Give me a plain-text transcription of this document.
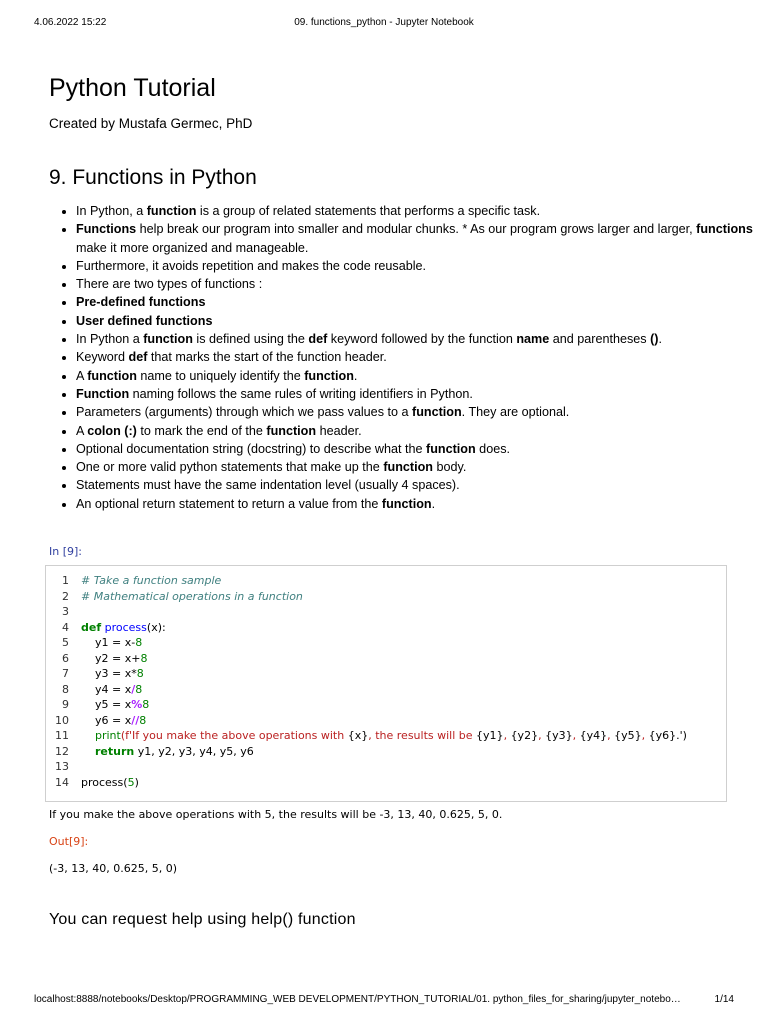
4.06.2022 15:22	09. functions_python - Jupyter Notebook
Python Tutorial
Created by Mustafa Germec, PhD
9. Functions in Python
• In Python, a function is a group of related statements that performs a specific task.
• Functions help break our program into smaller and modular chunks. * As our program grows larger and larger, functions make it more organized and manageable.
• Furthermore, it avoids repetition and makes the code reusable.
• There are two types of functions :
• Pre-defined functions
• User defined functions
• In Python a function is defined using the def keyword followed by the function name and parentheses ().
• Keyword def that marks the start of the function header.
• A function name to uniquely identify the function.
• Function naming follows the same rules of writing identifiers in Python.
• Parameters (arguments) through which we pass values to a function. They are optional.
• A colon (:) to mark the end of the function header.
• Optional documentation string (docstring) to describe what the function does.
• One or more valid python statements that make up the function body.
• Statements must have the same indentation level (usually 4 spaces).
• An optional return statement to return a value from the function.
In [9]:
1 # Take a function sample
2 # Mathematical operations in a function
3
4 def process(x):
5    y1 = x-8
6    y2 = x+8
7    y3 = x*8
8    y4 = x/8
9    y5 = x%8
10    y6 = x//8
11 print(f'If you make the above operations with {x}, the results will be {y1}, {y2}, {y3}, {y4}, {y5}, {y6}.')
12 return y1, y2, y3, y4, y5, y6
13
14 process(5)
If you make the above operations with 5, the results will be -3, 13, 40, 0.625, 5, 0.
Out[9]:
(-3, 13, 40, 0.625, 5, 0)
You can request help using help() function
localhost:8888/notebooks/Desktop/PROGRAMMING_WEB DEVELOPMENT/PYTHON_TUTORIAL/01. python_files_for_sharing/jupyter_notebo…	1/14
